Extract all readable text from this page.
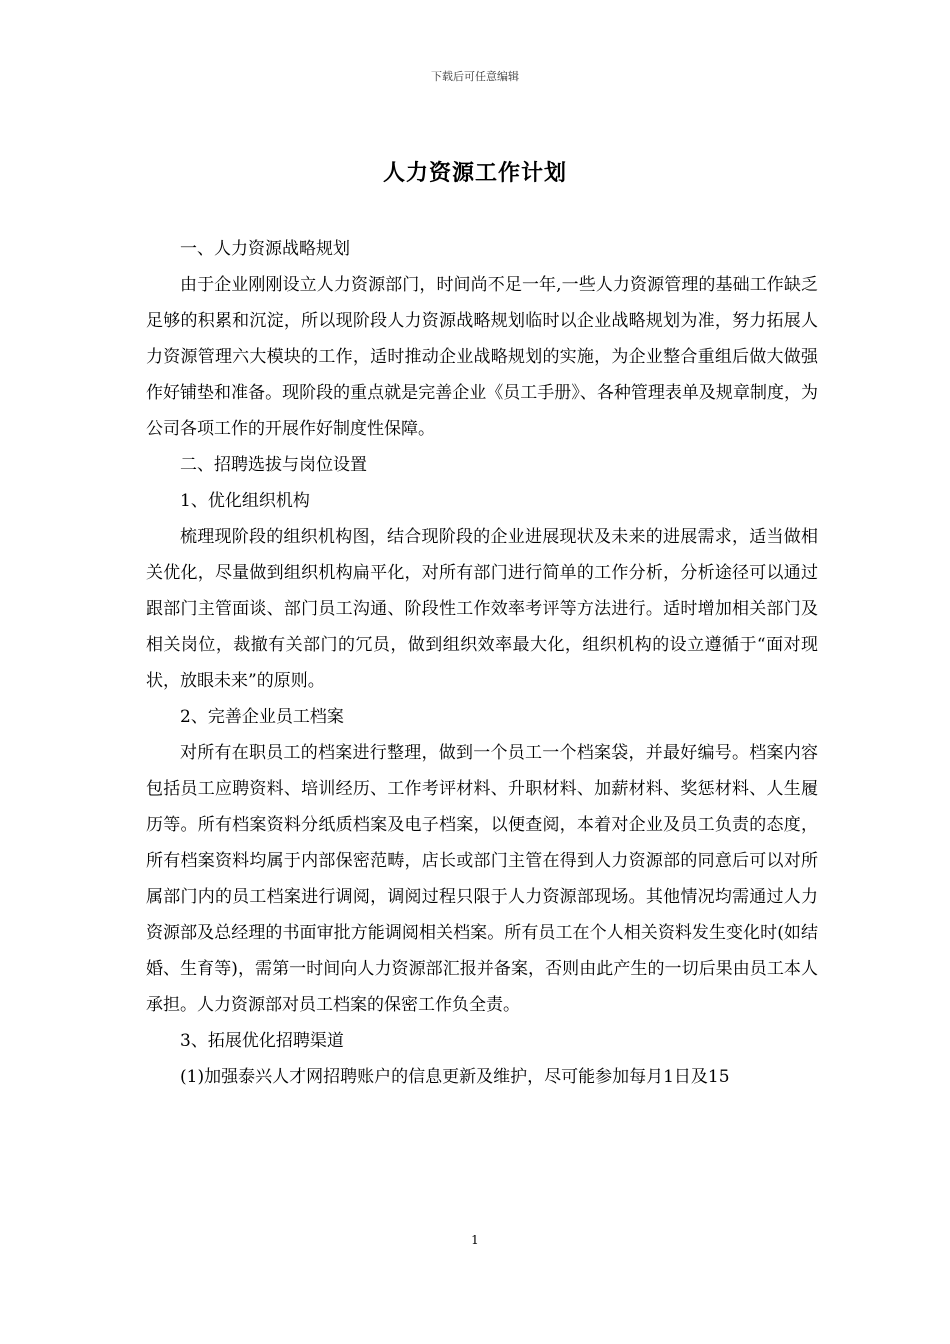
下载后可任意编辑
人力资源工作计划

一、人力资源战略规划

由于企业刚刚设立人力资源部门，时间尚不足一年,一些人力资源管理的基础工作缺乏足够的积累和沉淀，所以现阶段人力资源战略规划临时以企业战略规划为准，努力拓展人力资源管理六大模块的工作，适时推动企业战略规划的实施，为企业整合重组后做大做强作好铺垫和准备。现阶段的重点就是完善企业《员工手册》、各种管理表单及规章制度，为公司各项工作的开展作好制度性保障。

二、招聘选拔与岗位设置

1、优化组织机构

梳理现阶段的组织机构图，结合现阶段的企业进展现状及未来的进展需求，适当做相关优化，尽量做到组织机构扁平化，对所有部门进行简单的工作分析，分析途径可以通过跟部门主管面谈、部门员工沟通、阶段性工作效率考评等方法进行。适时增加相关部门及相关岗位，裁撤有关部门的冗员，做到组织效率最大化，组织机构的设立遵循于“面对现状，放眼未来”的原则。

2、完善企业员工档案

对所有在职员工的档案进行整理，做到一个员工一个档案袋，并最好编号。档案内容包括员工应聘资料、培训经历、工作考评材料、升职材料、加薪材料、奖惩材料、人生履历等。所有档案资料分纸质档案及电子档案，以便查阅，本着对企业及员工负责的态度，所有档案资料均属于内部保密范畴，店长或部门主管在得到人力资源部的同意后可以对所属部门内的员工档案进行调阅，调阅过程只限于人力资源部现场。其他情况均需通过人力资源部及总经理的书面审批方能调阅相关档案。所有员工在个人相关资料发生变化时(如结婚、生育等)，需第一时间向人力资源部汇报并备案，否则由此产生的一切后果由员工本人承担。人力资源部对员工档案的保密工作负全责。

3、拓展优化招聘渠道

(1)加强泰兴人才网招聘账户的信息更新及维护，尽可能参加每月1日及15

1
